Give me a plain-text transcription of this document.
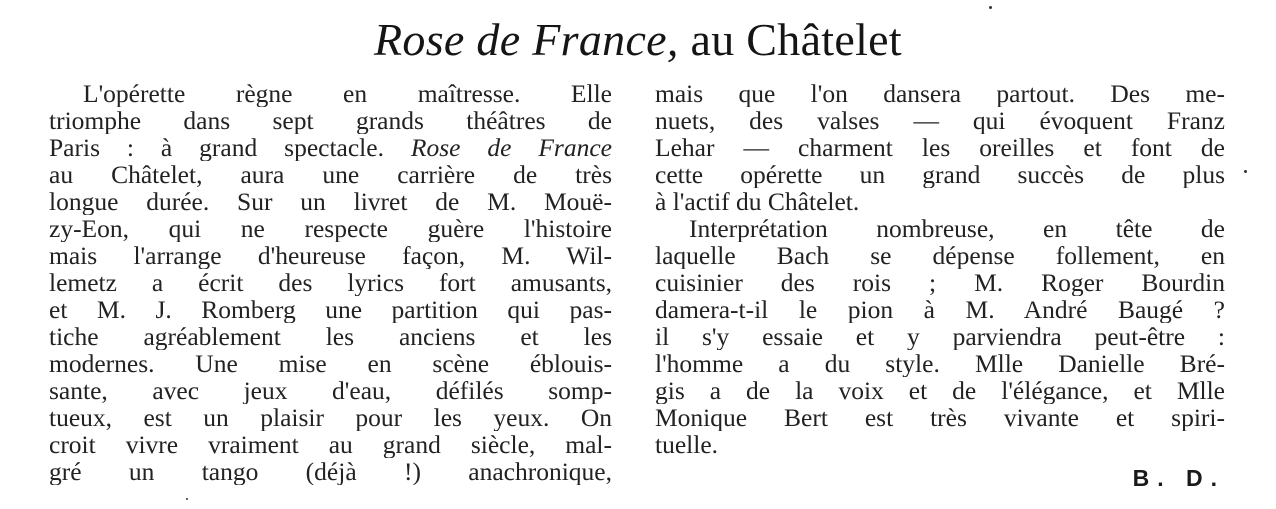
Rose de France, au Châtelet
L'opérette règne en maîtresse. Elle
triomphe dans sept grands théâtres de
Paris : à grand spectacle. Rose de France
au Châtelet, aura une carrière de très
longue durée. Sur un livret de M. Mouë-
zy-Eon, qui ne respecte guère l'histoire
mais l'arrange d'heureuse façon, M. Wil-
lemetz a écrit des lyrics fort amusants,
et M. J. Romberg une partition qui pas-
tiche agréablement les anciens et les
modernes. Une mise en scène éblouis-
sante, avec jeux d'eau, défilés somp-
tueux, est un plaisir pour les yeux. On
croit vivre vraiment au grand siècle, mal-
gré un tango (déjà !) anachronique,
mais que l'on dansera partout. Des me-
nuets, des valses — qui évoquent Franz
Lehar — charment les oreilles et font de
cette opérette un grand succès de plus
à l'actif du Châtelet.
Interprétation nombreuse, en tête de
laquelle Bach se dépense follement, en
cuisinier des rois ; M. Roger Bourdin
damera-t-il le pion à M. André Baugé ?
il s'y essaie et y parviendra peut-être :
l'homme a du style. Mlle Danielle Bré-
gis a de la voix et de l'élégance, et Mlle
Monique Bert est très vivante et spiri-
tuelle.
B. D.
